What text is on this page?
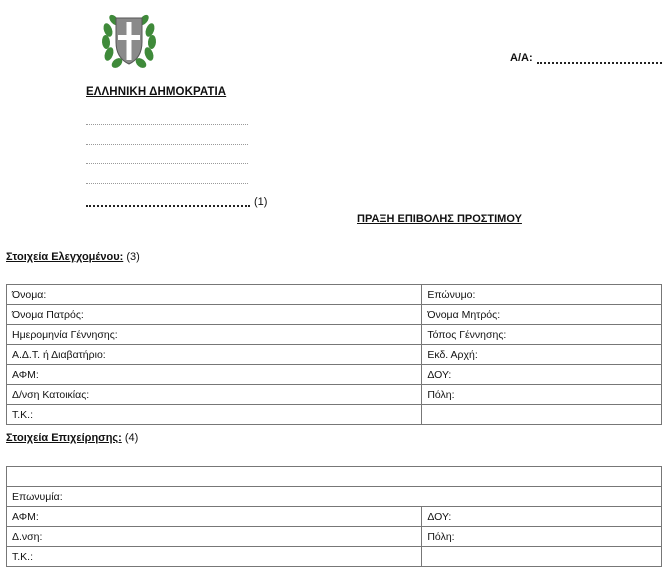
ΕΛΛΗΝΙΚΗ ΔΗΜΟΚΡΑΤΙΑ
(1)
Α/Α:
ΠΡΑΞΗ ΕΠΙΒΟΛΗΣ ΠΡΟΣΤΙΜΟΥ
Στοιχεία Ελεγχομένου: (3)
Όνομα:	Επώνυμο:
Όνομα Πατρός:	Όνομα Μητρός:
Ημερομηνία Γέννησης:	Τόπος Γέννησης:
Α.Δ.Τ. ή Διαβατήριο:	Εκδ. Αρχή:
ΑΦΜ:	ΔΟΥ:
Δ/νση Κατοικίας:	Πόλη:
Τ.Κ.:	
Στοιχεία Επιχείρησης: (4)

Επωνυμία:	
ΑΦΜ:	ΔΟΥ:
Δ.νση:	Πόλη:
Τ.Κ.:	
